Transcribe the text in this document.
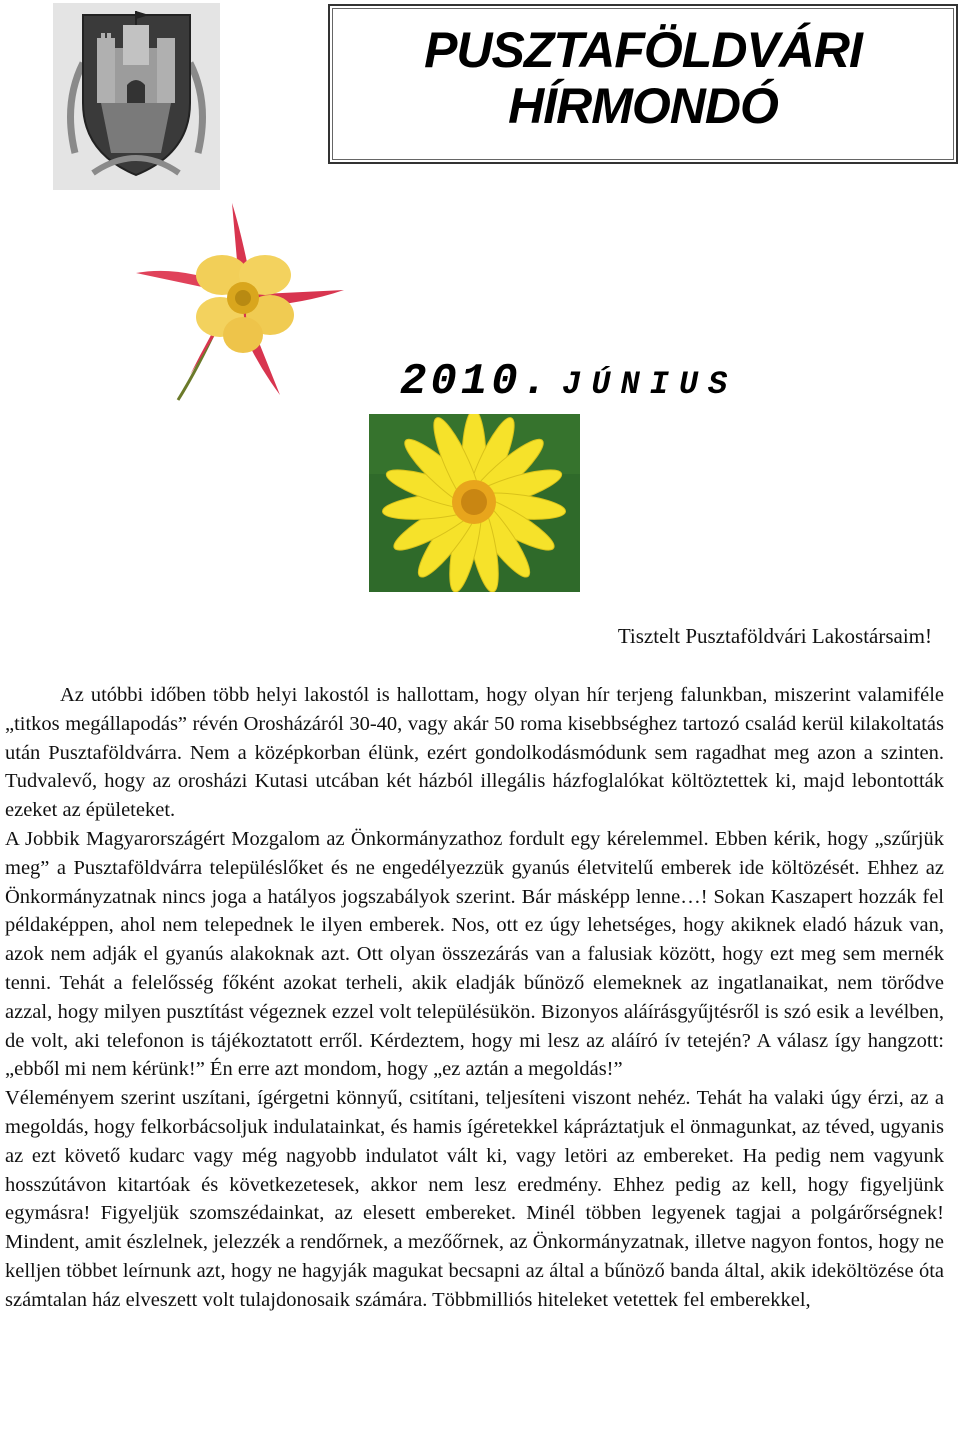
PUSZTAFÖLDVÁRI
HÍRMONDÓ
2010. JÚNIUS
Tisztelt Pusztaföldvári Lakostársaim!

Az utóbbi időben több helyi lakostól is hallottam, hogy olyan hír terjeng falunkban, miszerint valamiféle „titkos megállapodás” révén Orosházáról 30-40, vagy akár 50 roma kisebbséghez tartozó család kerül kilakoltatás után Pusztaföldvárra. Nem a középkorban élünk, ezért gondolkodásmódunk sem ragadhat meg azon a szinten. Tudvalevő, hogy az orosházi Kutasi utcában két házból illegális házfoglalókat költöztettek ki, majd lebontották ezeket az épületeket.

A Jobbik Magyarországért Mozgalom az Önkormányzathoz fordult egy kérelemmel. Ebben kérik, hogy „szűrjük meg” a Pusztaföldvárra településlőket és ne engedélyezzük gyanús életvitelű emberek ide költözését. Ehhez az Önkormányzatnak nincs joga a hatályos jogszabályok szerint. Bár másképp lenne…! Sokan Kaszapert hozzák fel példaképpen, ahol nem telepednek le ilyen emberek. Nos, ott ez úgy lehetséges, hogy akiknek eladó házuk van, azok nem adják el gyanús alakoknak azt. Ott olyan összezárás van a falusiak között, hogy ezt meg sem mernék tenni. Tehát a felelősség főként azokat terheli, akik eladják bűnöző elemeknek az ingatlanaikat, nem törődve azzal, hogy milyen pusztítást végeznek ezzel volt településükön. Bizonyos aláírásgyűjtésről is szó esik a levélben, de volt, aki telefonon is tájékoztatott erről. Kérdeztem, hogy mi lesz az aláíró ív tetején? A válasz így hangzott: „ebből mi nem kérünk!” Én erre azt mondom, hogy „ez aztán a megoldás!”

Véleményem szerint uszítani, ígérgetni könnyű, csitítani, teljesíteni viszont nehéz. Tehát ha valaki úgy érzi, az a megoldás, hogy felkorbácsoljuk indulatainkat, és hamis ígéretekkel kápráztatjuk el önmagunkat, az téved, ugyanis az ezt követő kudarc vagy még nagyobb indulatot vált ki, vagy letöri az embereket. Ha pedig nem vagyunk hosszútávon kitartóak és következetesek, akkor nem lesz eredmény. Ehhez pedig az kell, hogy figyeljünk egymásra! Figyeljük szomszédainkat, az elesett embereket. Minél többen legyenek tagjai a polgárőrségnek! Mindent, amit észlelnek, jelezzék a rendőrnek, a mezőőrnek, az Önkormányzatnak, illetve nagyon fontos, hogy ne kelljen többet leírnunk azt, hogy ne hagyják magukat becsapni az által a bűnöző banda által, akik ideköltözése óta számtalan ház elveszett volt tulajdonosaik számára. Többmilliós hiteleket vetettek fel emberekkel,
